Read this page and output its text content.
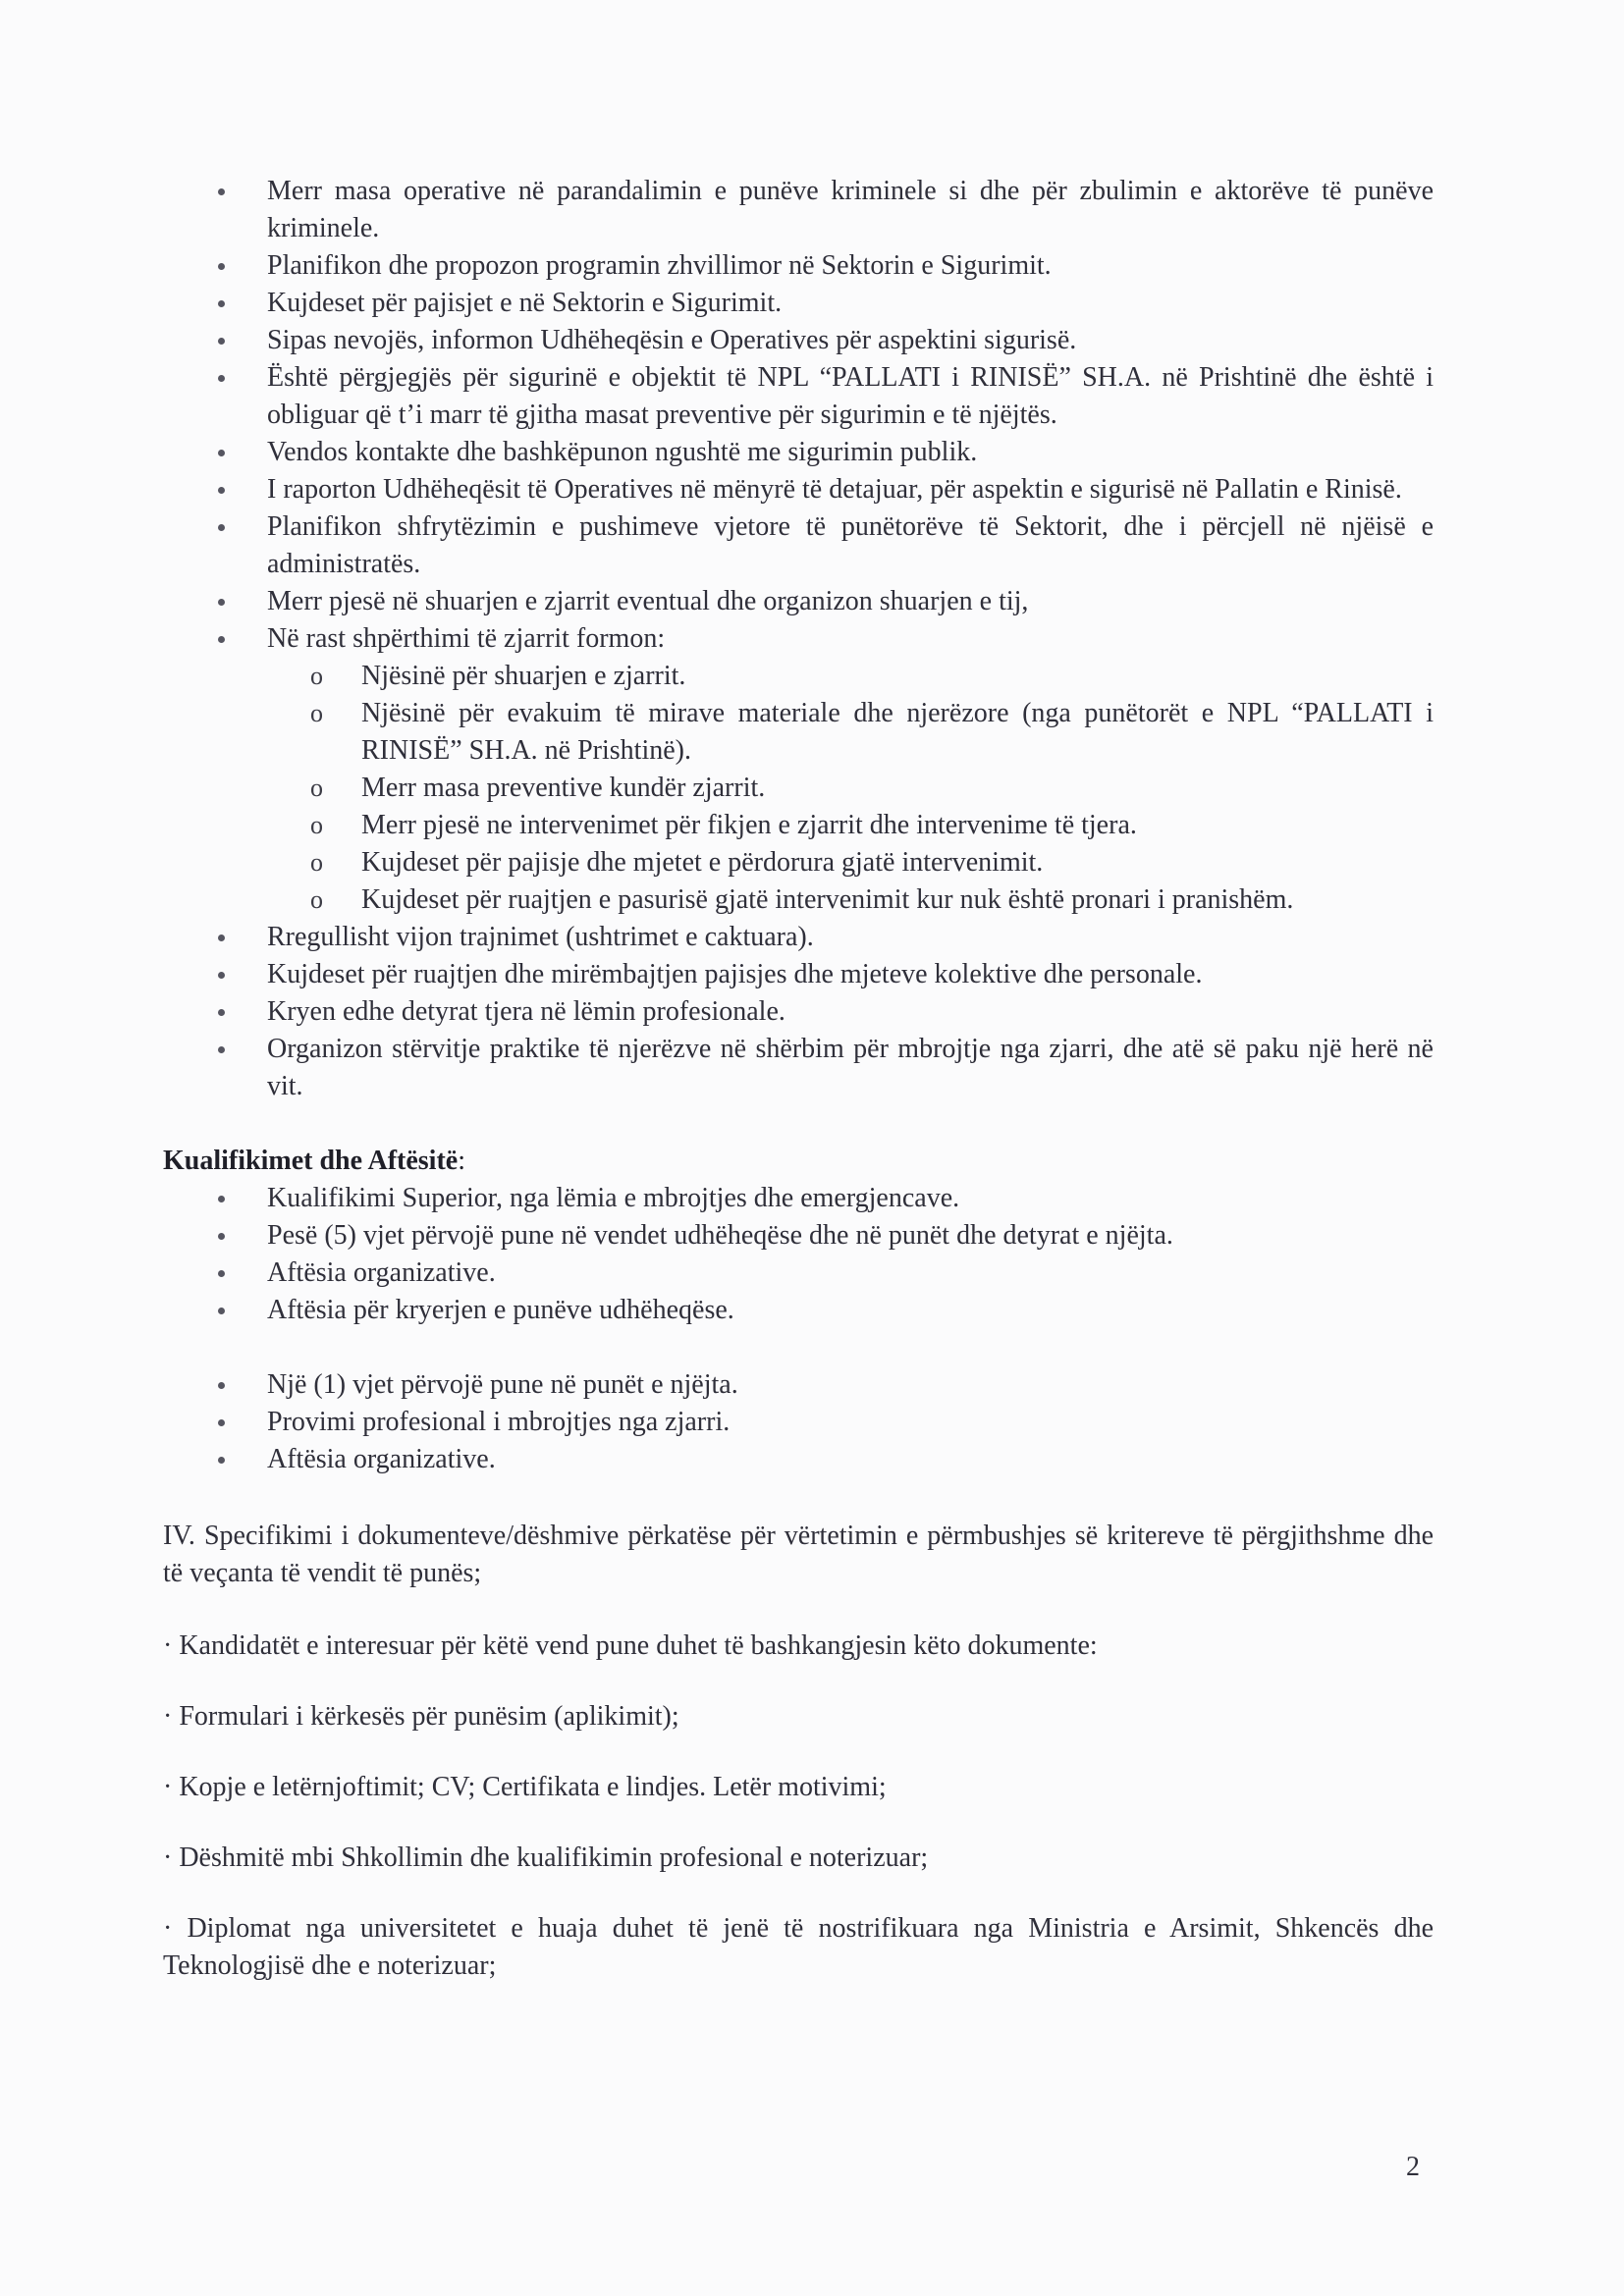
Merr masa operative në parandalimin e punëve kriminele si dhe për zbulimin e aktorëve të punëve kriminele.
Planifikon dhe propozon programin zhvillimor në Sektorin e Sigurimit.
Kujdeset për pajisjet e në Sektorin e Sigurimit.
Sipas nevojës, informon Udhëheqësin e Operatives për aspektini sigurisë.
Është përgjegjës për sigurinë e objektit të NPL “PALLATI i RINISË” SH.A. në Prishtinë dhe është i obliguar që t’i marr të gjitha masat preventive për sigurimin e të njëjtës.
Vendos kontakte dhe bashkëpunon ngushtë me sigurimin publik.
I raporton Udhëheqësit të Operatives në mënyrë të detajuar, për aspektin e sigurisë në Pallatin e Rinisë.
Planifikon shfrytëzimin e pushimeve vjetore të punëtorëve të Sektorit, dhe i përcjell në njëisë e administratës.
Merr pjesë në shuarjen e zjarrit eventual dhe organizon shuarjen e tij,
Në rast shpërthimi të zjarrit formon:
o Njësinë për shuarjen e zjarrit.
o Njësinë për evakuim të mirave materiale dhe njerëzore (nga punëtorët e NPL “PALLATI i RINISË” SH.A. në Prishtinë).
o Merr masa preventive kundër zjarrit.
o Merr pjesë ne intervenimet për fikjen e zjarrit dhe intervenime të tjera.
o Kujdeset për pajisje dhe mjetet e përdorura gjatë intervenimit.
o Kujdeset për ruajtjen e pasurisë gjatë intervenimit kur nuk është pronari i pranishëm.
Rregullisht vijon trajnimet (ushtrimet e caktuara).
Kujdeset për ruajtjen dhe mirëmbajtjen pajisjes dhe mjeteve kolektive dhe personale.
Kryen edhe detyrat tjera në lëmin profesionale.
Organizon stërvitje praktike të njerëzve në shërbim për mbrojtje nga zjarri, dhe atë së paku një herë në vit.
Kualifikimet dhe Aftësitë:
Kualifikimi Superior, nga lëmia e mbrojtjes dhe emergjencave.
Pesë (5) vjet përvojë pune në vendet udhëheqëse dhe në punët dhe detyrat e njëjta.
Aftësia organizative.
Aftësia për kryerjen e punëve udhëheqëse.
Një (1) vjet përvojë pune në punët e njëjta.
Provimi profesional i mbrojtjes nga zjarri.
Aftësia organizative.
IV. Specifikimi i dokumenteve/dëshmive përkatëse për vërtetimin e përmbushjes së kritereve të përgjithshme dhe të veçanta të vendit të punës;
· Kandidatët e interesuar për këtë vend pune duhet të bashkangjesin këto dokumente:
· Formulari i kërkesës për punësim (aplikimit);
· Kopje e letërnjoftimit; CV; Certifikata e lindjes. Letër motivimi;
· Dëshmitë mbi Shkollimin dhe kualifikimin profesional e noterizuar;
· Diplomat nga universitetet e huaja duhet të jenë të nostrifikuara nga Ministria e Arsimit, Shkencës dhe Teknologjisë dhe e noterizuar;
2
